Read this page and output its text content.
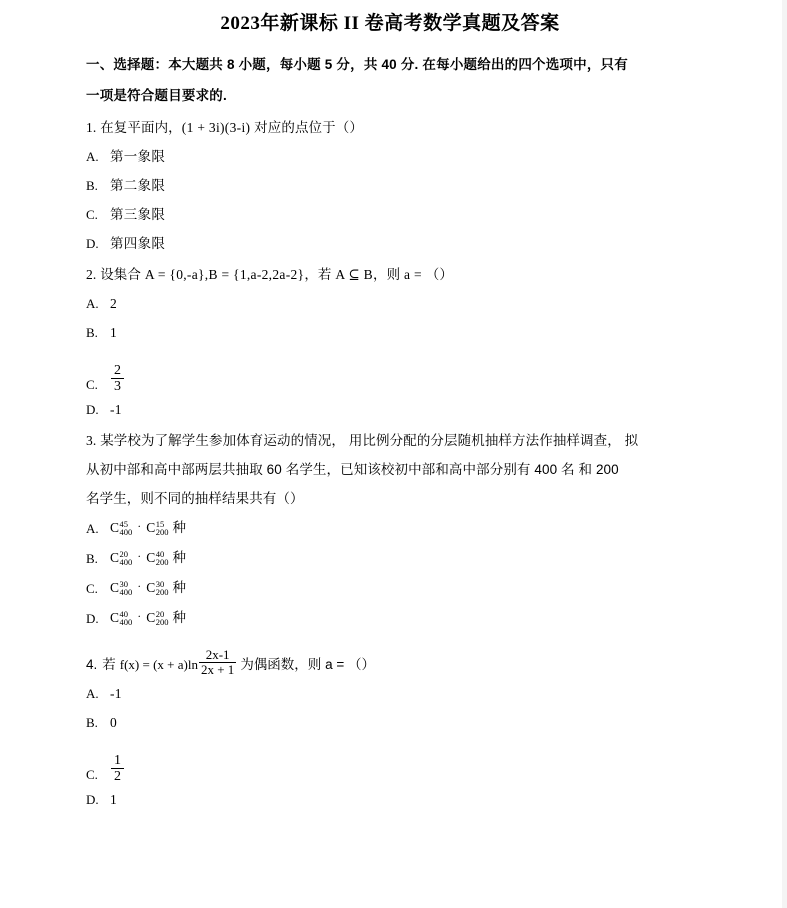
2023年新课标 II 卷高考数学真题及答案
一、选择题：本大题共 8 小题，每小题 5 分，共 40 分. 在每小题给出的四个选项中，只有
一项是符合题目要求的.
1. 在复平面内，(1 + 3i)(3-i) 对应的点位于（）
A. 第一象限
B. 第二象限
C. 第三象限
D. 第四象限
2. 设集合 A = {0,-a},B = {1,a-2,2a-2}，若 A ⊆ B，则 a = （）
A. 2
B. 1
C. $\frac{2}{3}$
D. -1
3. 某学校为了解学生参加体育运动的情况， 用比例分配的分层随机抽样方法作抽样调查， 拟
从初中部和高中部两层共抽取 60 名学生，已知该校初中部和高中部分别有 400 名 和 200
名学生，则不同的抽样结果共有（）
A. C 45
400 · C 15
200 种
B. C 20
400 · C 40
200 种
C. C 30
400 · C 30
200 种
D. C 40
400 · C 20
200 种
4. 若 $f(x) = (x + a)\ln \frac{2x-1}{2x + 1}$ 为偶函数，则 a = （）
A. -1
B. 0
C. $\frac{1}{2}$
D. 1
